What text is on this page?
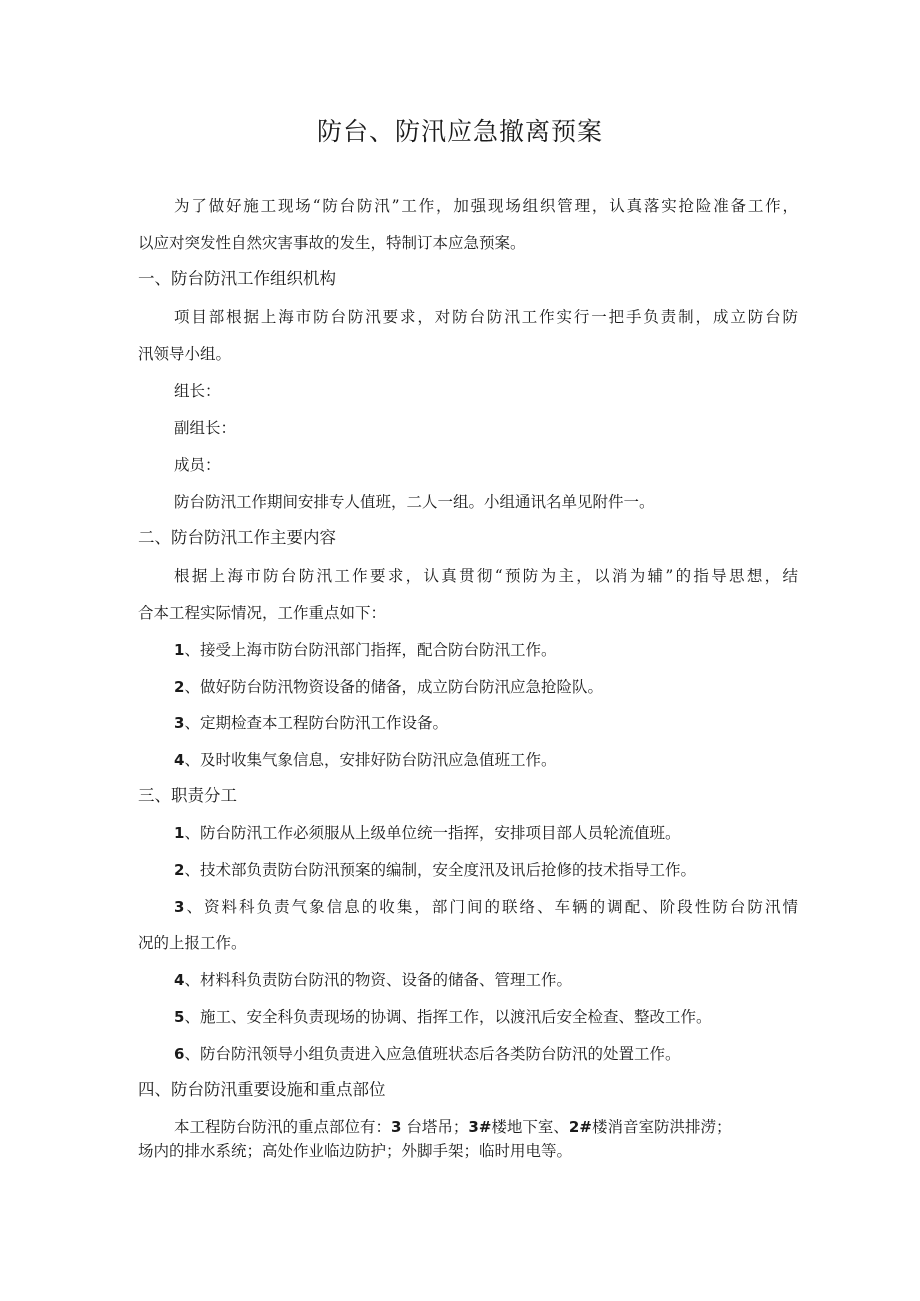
防台、防汛应急撤离预案
为了做好施工现场“防台防汛”工作，加强现场组织管理，认真落实抢险准备工作，
以应对突发性自然灾害事故的发生，特制订本应急预案。
一、防台防汛工作组织机构
项目部根据上海市防台防汛要求，对防台防汛工作实行一把手负责制，成立防台防
汛领导小组。
组长：
副组长：
成员：
防台防汛工作期间安排专人值班，二人一组。小组通讯名单见附件一。
二、防台防汛工作主要内容
根据上海市防台防汛工作要求，认真贯彻“预防为主，以消为辅”的指导思想，结
合本工程实际情况，工作重点如下：
1、接受上海市防台防汛部门指挥，配合防台防汛工作。
2、做好防台防汛物资设备的储备，成立防台防汛应急抢险队。
3、定期检查本工程防台防汛工作设备。
4、及时收集气象信息，安排好防台防汛应急值班工作。
三、职责分工
1、防台防汛工作必须服从上级单位统一指挥，安排项目部人员轮流值班。
2、技术部负责防台防汛预案的编制，安全度汛及讯后抢修的技术指导工作。
3、资料科负责气象信息的收集，部门间的联络、车辆的调配、阶段性防台防汛情
况的上报工作。
4、材料科负责防台防汛的物资、设备的储备、管理工作。
5、施工、安全科负责现场的协调、指挥工作，以渡汛后安全检查、整改工作。
6、防台防汛领导小组负责进入应急值班状态后各类防台防汛的处置工作。
四、防台防汛重要设施和重点部位
本工程防台防汛的重点部位有：3 台塔吊；3#楼地下室、2#楼消音室防洪排涝；
场内的排水系统；高处作业临边防护；外脚手架；临时用电等。
